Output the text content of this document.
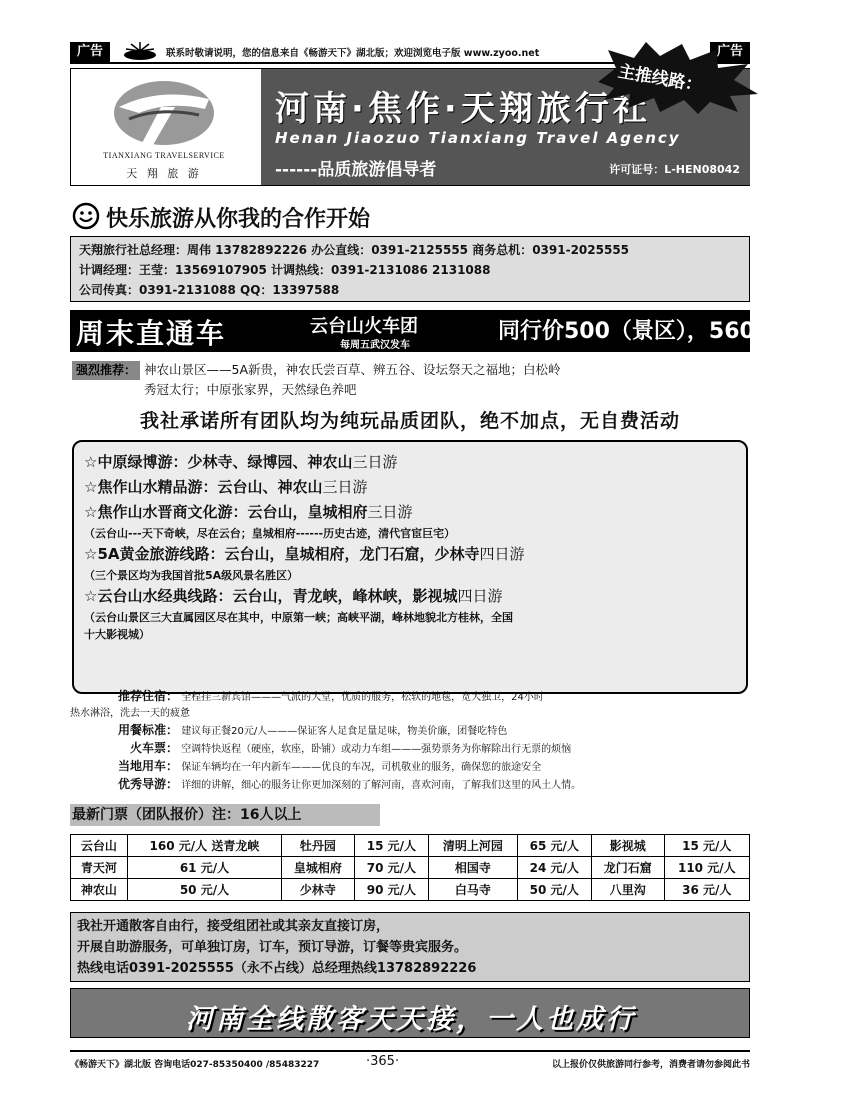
广告	联系时敬请说明，您的信息来自《畅游天下》湖北版；欢迎浏览电子版 www.zyoo.net	广告
TIANXIANG TRAVELSERVICE
天 翔 旅 游
河南·焦作·天翔旅行社
Henan Jiaozuo Tianxiang Travel Agency
------品质旅游倡导者	许可证号：L-HEN08042
快乐旅游从你我的合作开始
天翔旅行社总经理：周伟 13782892226 办公直线：0391-2125555 商务总机：0391-2025555
计调经理：王莹：13569107905 计调热线：0391-2131086 2131088
公司传真：0391-2131088 QQ：13397588
周末直通车	云台山火车团
每周五武汉发车
同行价500（景区），560（景三）
强烈推荐： 神农山景区——5A新贵，神农氏尝百草、辨五谷、设坛祭天之福地；白松岭
秀冠太行；中原张家界，天然绿色养吧
我社承诺所有团队均为纯玩品质团队，绝不加点，无自费活动
☆中原绿博游：少林寺、绿博园、神农山三日游
☆焦作山水精品游：云台山、神农山三日游
☆焦作山水晋商文化游：云台山，皇城相府三日游
（云台山---天下奇峡，尽在云台；皇城相府------历史古迹，清代官宦巨宅）
☆5A黄金旅游线路：云台山，皇城相府，龙门石窟，少林寺四日游
（三个景区均为我国首批5A级风景名胜区）
☆云台山水经典线路：云台山，青龙峡，峰林峡，影视城四日游
（云台山景区三大直属园区尽在其中，中原第一峡；高峡平湖，峰林地貌北方桂林，全国
十大影视城）
主推线路：
推荐住宿： 全程挂三新宾馆———气派的大堂，优质的服务，松软的地毯，宽大独卫，24小时
热水淋浴，洗去一天的疲惫
用餐标准： 建议每正餐20元/人———保证客人足食足量足味，物美价廉，团餐吃特色
火车票： 空调特快返程（硬座，软座，卧铺）或动力车组———强势票务为你解除出行无票的烦恼
当地用车： 保证车辆均在一年内新车———优良的车况，司机敬业的服务，确保您的旅途安全
优秀导游： 详细的讲解，细心的服务让你更加深刻的了解河南，喜欢河南，了解我们这里的风土人情。
最新门票（团队报价）注：16人以上
云台山	160 元/人 送青龙峡	牡丹园	15 元/人	清明上河园	65 元/人	影视城	15 元/人
青天河	61 元/人	皇城相府	70 元/人	相国寺	24 元/人	龙门石窟	110 元/人
神农山	50 元/人	少林寺	90 元/人	白马寺	50 元/人	八里沟	36 元/人
我社开通散客自由行，接受组团社或其亲友直接订房，
开展自助游服务，可单独订房，订车，预订导游，订餐等贵宾服务。
热线电话0391-2025555（永不占线）总经理热线13782892226
河南全线散客天天接，一人也成行
《畅游天下》湖北版 咨询电话027-85350400 /85483227	·365·	以上报价仅供旅游同行参考，消费者请勿参阅此书
